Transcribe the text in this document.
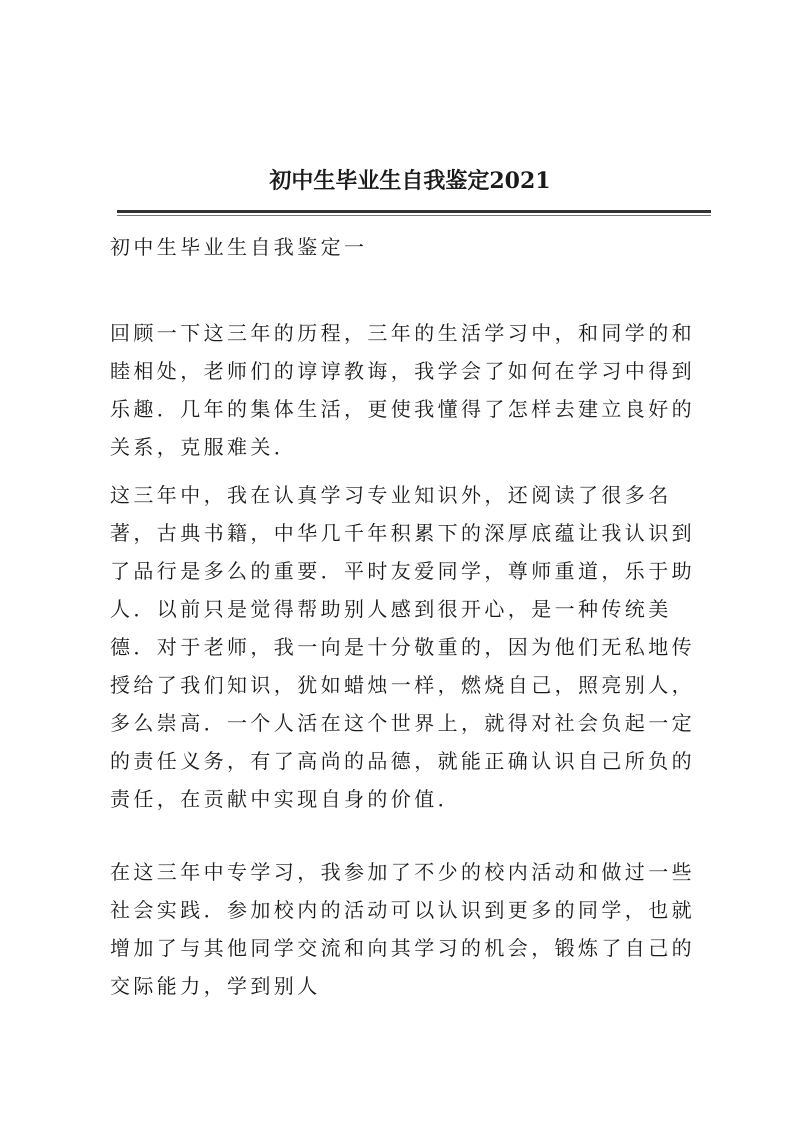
初中生毕业生自我鉴定2021

初中生毕业生自我鉴定一

回顾一下这三年的历程，三年的生活学习中，和同学的和睦相处，老师们的谆谆教诲，我学会了如何在学习中得到乐趣．几年的集体生活，更使我懂得了怎样去建立良好的关系，克服难关．

这三年中，我在认真学习专业知识外，还阅读了很多名著，古典书籍，中华几千年积累下的深厚底蕴让我认识到了品行是多么的重要．平时友爱同学，尊师重道，乐于助人．以前只是觉得帮助别人感到很开心，是一种传统美德．对于老师，我一向是十分敬重的，因为他们无私地传授给了我们知识，犹如蜡烛一样，燃烧自己，照亮别人，多么崇高．一个人活在这个世界上，就得对社会负起一定的责任义务，有了高尚的品德，就能正确认识自己所负的责任，在贡献中实现自身的价值．

在这三年中专学习，我参加了不少的校内活动和做过一些社会实践．参加校内的活动可以认识到更多的同学，也就增加了与其他同学交流和向其学习的机会，锻炼了自己的交际能力，学到别人
